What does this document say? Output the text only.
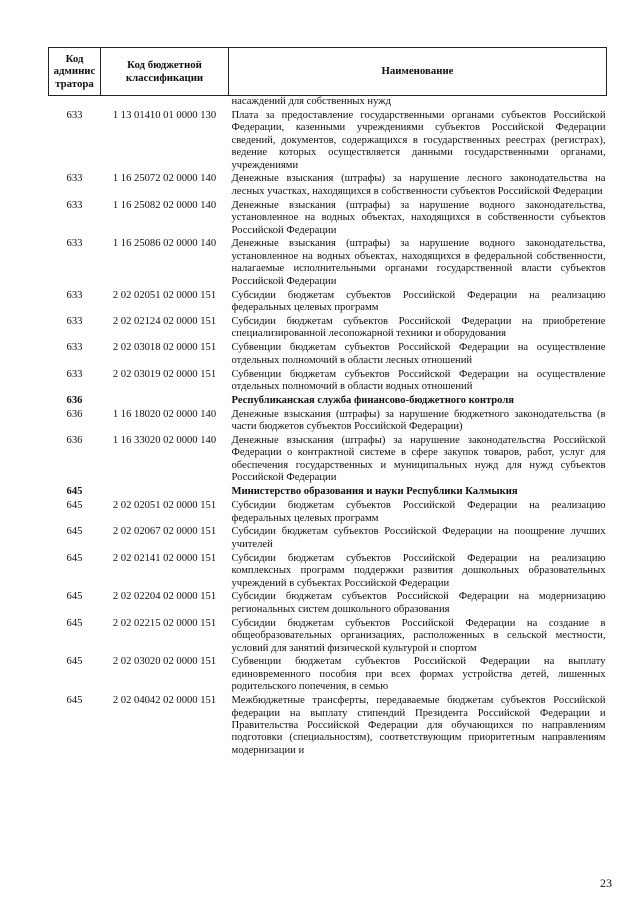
Код админис тратора	Код бюджетной классификации	Наименование
		насаждений для собственных нужд
633	1 13 01410 01 0000 130	Плата за предоставление государственными органами субъектов Российской Федерации, казенными учреждениями субъектов Российской Федерации сведений, документов, содержащихся в государственных реестрах (регистрах), ведение которых осуществляется данными государственными органами, учреждениями
633	1 16 25072 02 0000 140	Денежные взыскания (штрафы) за нарушение лесного законодательства на лесных участках, находящихся в собственности субъектов Российской Федерации
633	1 16 25082 02 0000 140	Денежные взыскания (штрафы) за нарушение водного законодательства, установленное на водных объектах, находящихся в собственности субъектов Российской Федерации
633	1 16 25086 02 0000 140	Денежные взыскания (штрафы) за нарушение водного законодательства, установленное на водных объектах, находящихся в федеральной собственности, налагаемые исполнительными органами государственной власти субъектов Российской Федерации
633	2 02 02051 02 0000 151	Субсидии бюджетам субъектов Российской Федерации на реализацию федеральных целевых программ
633	2 02 02124 02 0000 151	Субсидии бюджетам субъектов Российской Федерации на приобретение специализированной лесопожарной техники и оборудования
633	2 02 03018 02 0000 151	Субвенции бюджетам субъектов Российской Федерации на осуществление отдельных полномочий в области лесных отношений
633	2 02 03019 02 0000 151	Субвенции бюджетам субъектов Российской Федерации на осуществление отдельных полномочий в области водных отношений
636		Республиканская служба финансово-бюджетного контроля
636	1 16 18020 02 0000 140	Денежные взыскания (штрафы) за нарушение бюджетного законодательства (в части бюджетов субъектов Российской Федерации)
636	1 16 33020 02 0000 140	Денежные взыскания (штрафы) за нарушение законодательства Российской Федерации о контрактной системе в сфере закупок товаров, работ, услуг для обеспечения государственных и муниципальных нужд для нужд субъектов Российской Федерации
645		Министерство образования и науки Республики Калмыкия
645	2 02 02051 02 0000 151	Субсидии бюджетам субъектов Российской Федерации на реализацию федеральных целевых программ
645	2 02 02067 02 0000 151	Субсидии бюджетам субъектов Российской Федерации на поощрение лучших учителей
645	2 02 02141 02 0000 151	Субсидии бюджетам субъектов Российской Федерации на реализацию комплексных программ поддержки развития дошкольных образовательных учреждений в субъектах Российской Федерации
645	2 02 02204 02 0000 151	Субсидии бюджетам субъектов Российской Федерации на модернизацию региональных систем дошкольного образования
645	2 02 02215 02 0000 151	Субсидии бюджетам субъектов Российской Федерации на создание в общеобразовательных организациях, расположенных в сельской местности, условий для занятий физической культурой и спортом
645	2 02 03020 02 0000 151	Субвенции бюджетам субъектов Российской Федерации на выплату единовременного пособия при всех формах устройства детей, лишенных родительского попечения, в семью
645	2 02 04042 02 0000 151	Межбюджетные трансферты, передаваемые бюджетам субъектов Российской федерации на выплату стипендий Президента Российской Федерации и Правительства Российской Федерации для обучающихся по направлениям подготовки (специальностям), соответствующим приоритетным направлениям модернизации и
23
